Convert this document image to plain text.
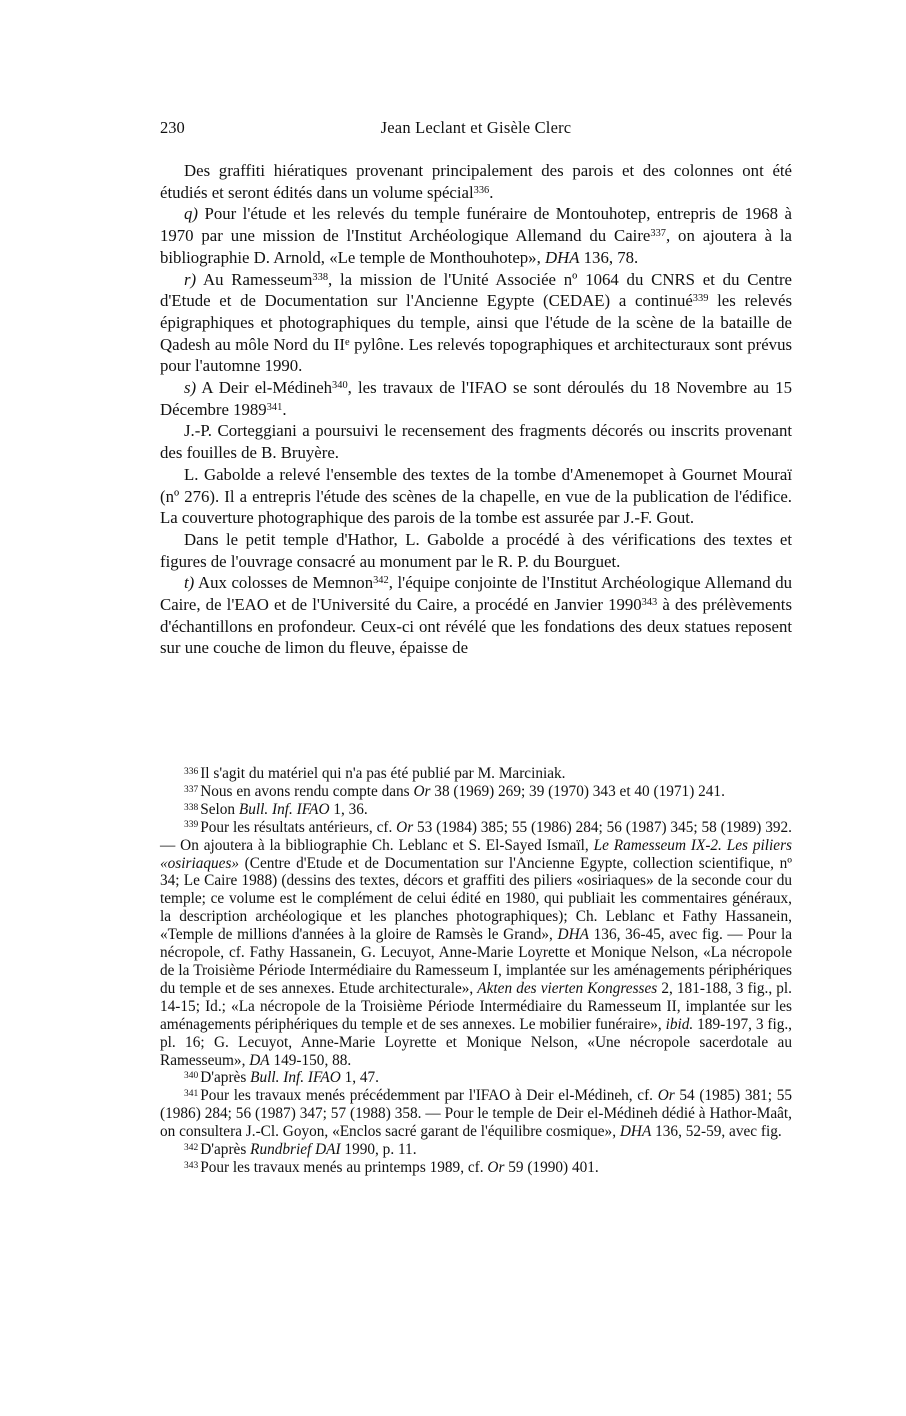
230	Jean Leclant et Gisèle Clerc

Des graffiti hiératiques provenant principalement des parois et des colonnes ont été étudiés et seront édités dans un volume spécial$^{336}$.

q) Pour l'étude et les relevés du temple funéraire de Montouhotep, entrepris de 1968 à 1970 par une mission de l'Institut Archéologique Allemand du Caire$^{337}$, on ajoutera à la bibliographie D. Arnold, «Le temple de Monthouhotep», DHA 136, 78.

r) Au Ramesseum$^{338}$, la mission de l'Unité Associée nº 1064 du CNRS et du Centre d'Etude et de Documentation sur l'Ancienne Egypte (CEDAE) a continué$^{339}$ les relevés épigraphiques et photographiques du temple, ainsi que l'étude de la scène de la bataille de Qadesh au môle Nord du IIe pylône. Les relevés topographiques et architecturaux sont prévus pour l'automne 1990.

s) A Deir el-Médineh$^{340}$, les travaux de l'IFAO se sont déroulés du 18 Novembre au 15 Décembre 1989$^{341}$.

J.-P. Corteggiani a poursuivi le recensement des fragments décorés ou inscrits provenant des fouilles de B. Bruyère.

L. Gabolde a relevé l'ensemble des textes de la tombe d'Amenemopet à Gournet Mouraï (nº 276). Il a entrepris l'étude des scènes de la chapelle, en vue de la publication de l'édifice. La couverture photographique des parois de la tombe est assurée par J.-F. Gout.

Dans le petit temple d'Hathor, L. Gabolde a procédé à des vérifications des textes et figures de l'ouvrage consacré au monument par le R. P. du Bourguet.

t) Aux colosses de Memnon$^{342}$, l'équipe conjointe de l'Institut Archéologique Allemand du Caire, de l'EAO et de l'Université du Caire, a procédé en Janvier 1990$^{343}$ à des prélèvements d'échantillons en profondeur. Ceux-ci ont révélé que les fondations des deux statues reposent sur une couche de limon du fleuve, épaisse de

$^{336}$ Il s'agit du matériel qui n'a pas été publié par M. Marciniak.

$^{337}$ Nous en avons rendu compte dans Or 38 (1969) 269; 39 (1970) 343 et 40 (1971) 241.

$^{338}$ Selon Bull. Inf. IFAO 1, 36.

$^{339}$ Pour les résultats antérieurs, cf. Or 53 (1984) 385; 55 (1986) 284; 56 (1987) 345; 58 (1989) 392. — On ajoutera à la bibliographie Ch. Leblanc et S. El-Sayed Ismaïl, Le Ramesseum IX-2. Les piliers «osiriaques» (Centre d'Etude et de Documentation sur l'Ancienne Egypte, collection scientifique, nº 34; Le Caire 1988) (dessins des textes, décors et graffiti des piliers «osiriaques» de la seconde cour du temple; ce volume est le complément de celui édité en 1980, qui publiait les commentaires généraux, la description archéologique et les planches photographiques); Ch. Leblanc et Fathy Hassanein, «Temple de millions d'années à la gloire de Ramsès le Grand», DHA 136, 36-45, avec fig. — Pour la nécropole, cf. Fathy Hassanein, G. Lecuyot, Anne-Marie Loyrette et Monique Nelson, «La nécropole de la Troisième Période Intermédiaire du Ramesseum I, implantée sur les aménagements périphériques du temple et de ses annexes. Etude architecturale», Akten des vierten Kongresses 2, 181-188, 3 fig., pl. 14-15; Id.; «La nécropole de la Troisième Période Intermédiaire du Ramesseum II, implantée sur les aménagements périphériques du temple et de ses annexes. Le mobilier funéraire», ibid. 189-197, 3 fig., pl. 16; G. Lecuyot, Anne-Marie Loyrette et Monique Nelson, «Une nécropole sacerdotale au Ramesseum», DA 149-150, 88.

$^{340}$ D'après Bull. Inf. IFAO 1, 47.

$^{341}$ Pour les travaux menés précédemment par l'IFAO à Deir el-Médineh, cf. Or 54 (1985) 381; 55 (1986) 284; 56 (1987) 347; 57 (1988) 358. — Pour le temple de Deir el-Médineh dédié à Hathor-Maât, on consultera J.-Cl. Goyon, «Enclos sacré garant de l'équilibre cosmique», DHA 136, 52-59, avec fig.

$^{342}$ D'après Rundbrief DAI 1990, p. 11.

$^{343}$ Pour les travaux menés au printemps 1989, cf. Or 59 (1990) 401.
